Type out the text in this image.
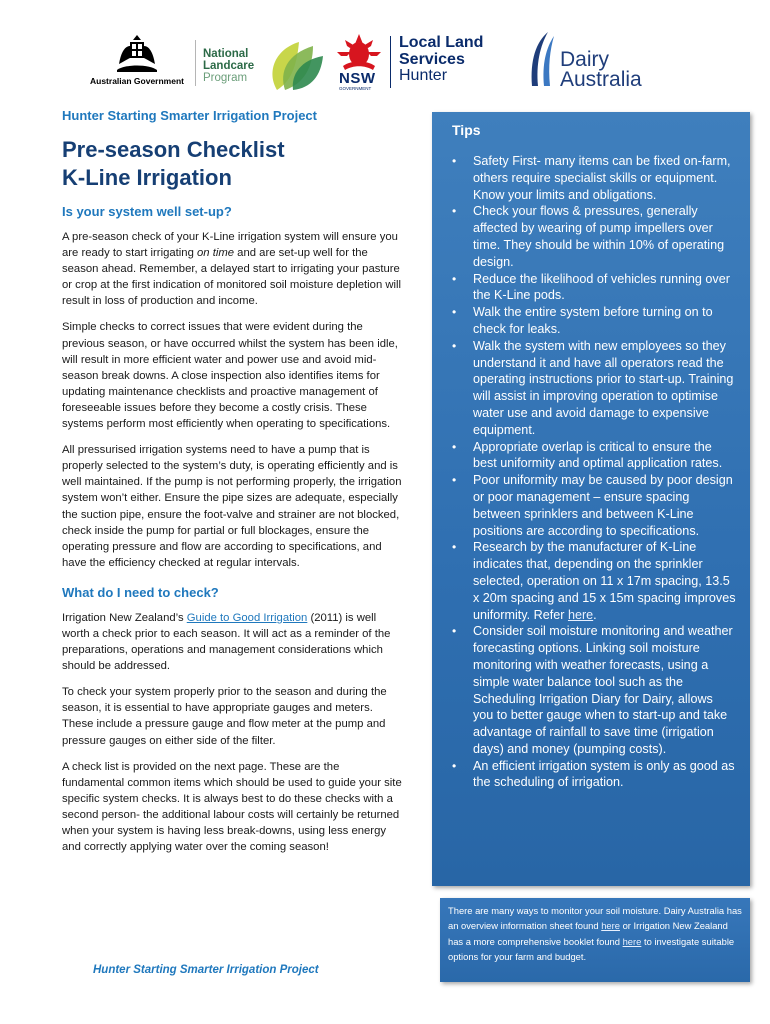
Australian Government
National
Landcare
Program	NSW
GOVERNMENT
Local Land
Services
Hunter
Dairy
Australia
Hunter Starting Smarter Irrigation Project
Pre-season Checklist
K-Line Irrigation
Is your system well set-up?

A pre-season check of your K-Line irrigation system will ensure you are ready to start irrigating on time and are set-up well for the season ahead. Remember, a delayed start to irrigating your pasture or crop at the first indication of monitored soil moisture depletion will result in loss of production and income.

Simple checks to correct issues that were evident during the previous season, or have occurred whilst the system has been idle, will result in more efficient water and power use and avoid mid-season break downs. A close inspection also identifies items for updating maintenance checklists and proactive management of foreseeable issues before they become a costly crisis. These systems perform most efficiently when operating to specifications.

All pressurised irrigation systems need to have a pump that is properly selected to the system’s duty, is operating efficiently and is well maintained. If the pump is not performing properly, the irrigation system won’t either. Ensure the pipe sizes are adequate, especially the suction pipe, ensure the foot-valve and strainer are not blocked, check inside the pump for partial or full blockages, ensure the operating pressure and flow are according to specifications, and have the efficiency checked at regular intervals.

What do I need to check?

Irrigation New Zealand’s Guide to Good Irrigation (2011) is well worth a check prior to each season. It will act as a reminder of the preparations, operations and management considerations which should be addressed.

To check your system properly prior to the season and during the season, it is essential to have appropriate gauges and meters. These include a pressure gauge and flow meter at the pump and pressure gauges on either side of the filter.

A check list is provided on the next page. These are the fundamental common items which should be used to guide your site specific system checks. It is always best to do these checks with a second person- the additional labour costs will certainly be returned when your system is having less break-downs, using less energy and correctly applying water over the coming season!

Hunter Starting Smarter Irrigation Project
Tips
• Safety First- many items can be fixed on-farm, others require specialist skills or equipment. Know your limits and obligations.
• Check your flows & pressures, generally affected by wearing of pump impellers over time. They should be within 10% of operating design.
• Reduce the likelihood of vehicles running over the K-Line pods.
• Walk the entire system before turning on to check for leaks.
• Walk the system with new employees so they understand it and have all operators read the operating instructions prior to start-up. Training will assist in improving operation to optimise water use and avoid damage to expensive equipment.
• Appropriate overlap is critical to ensure the best uniformity and optimal application rates.
• Poor uniformity may be caused by poor design or poor management – ensure spacing between sprinklers and between K-Line positions are according to specifications.
• Research by the manufacturer of K-Line indicates that, depending on the sprinkler selected, operation on 11 x 17m spacing, 13.5 x 20m spacing and 15 x 15m spacing improves uniformity. Refer here.
• Consider soil moisture monitoring and weather forecasting options. Linking soil moisture monitoring with weather forecasts, using a simple water balance tool such as the Scheduling Irrigation Diary for Dairy, allows you to better gauge when to start-up and take advantage of rainfall to save time (irrigation days) and money (pumping costs).
• An efficient irrigation system is only as good as the scheduling of irrigation.
There are many ways to monitor your soil moisture. Dairy Australia has an overview information sheet found here or Irrigation New Zealand has a more comprehensive booklet found here to investigate suitable options for your farm and budget.
